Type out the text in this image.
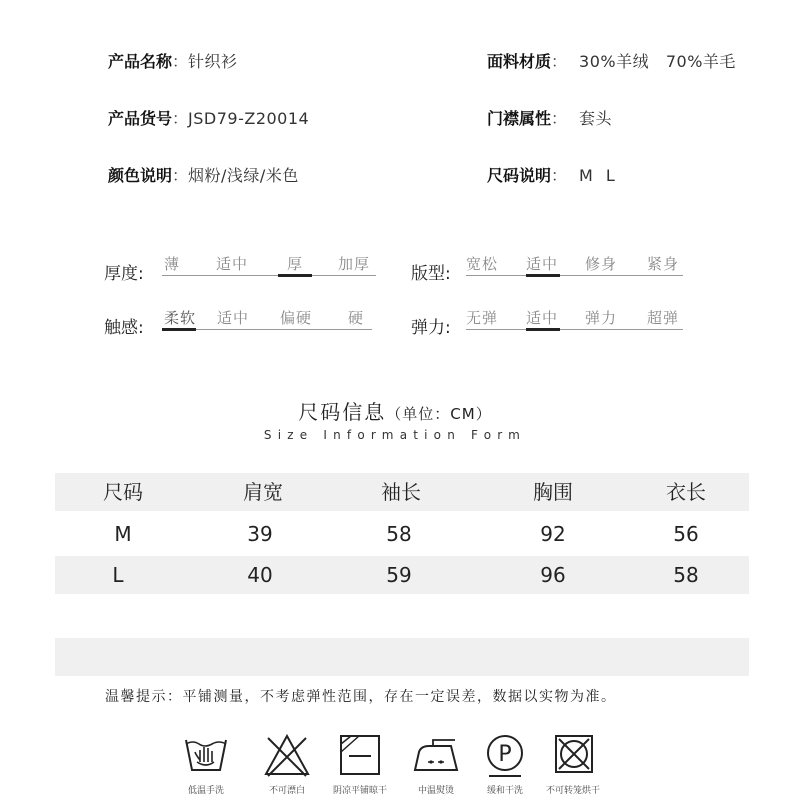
产品名称：针织衫
产品货号：JSD79-Z20014
颜色说明：烟粉/浅绿/米色
面料材质： 30%羊绒   70%羊毛
门襟属性： 套头
尺码说明： M L
厚度: 薄 适中	厚 加厚 版型: 宽松 适中 修身 紧身
触感: 柔软 适中 偏硬 硬	弹力: 无弹 适中 弹力 超弹
尺码信息（单位：CM）
Size Information Form
尺码	肩宽	袖长	胸围	衣长
M	39	58	92	56
L	40	59	96	58
温馨提示：平铺测量，不考虑弹性范围，存在一定误差，数据以实物为准。
低温手洗	不可漂白	阴凉平铺晾干	中温熨烫
P
缓和干洗	不可转笼烘干
